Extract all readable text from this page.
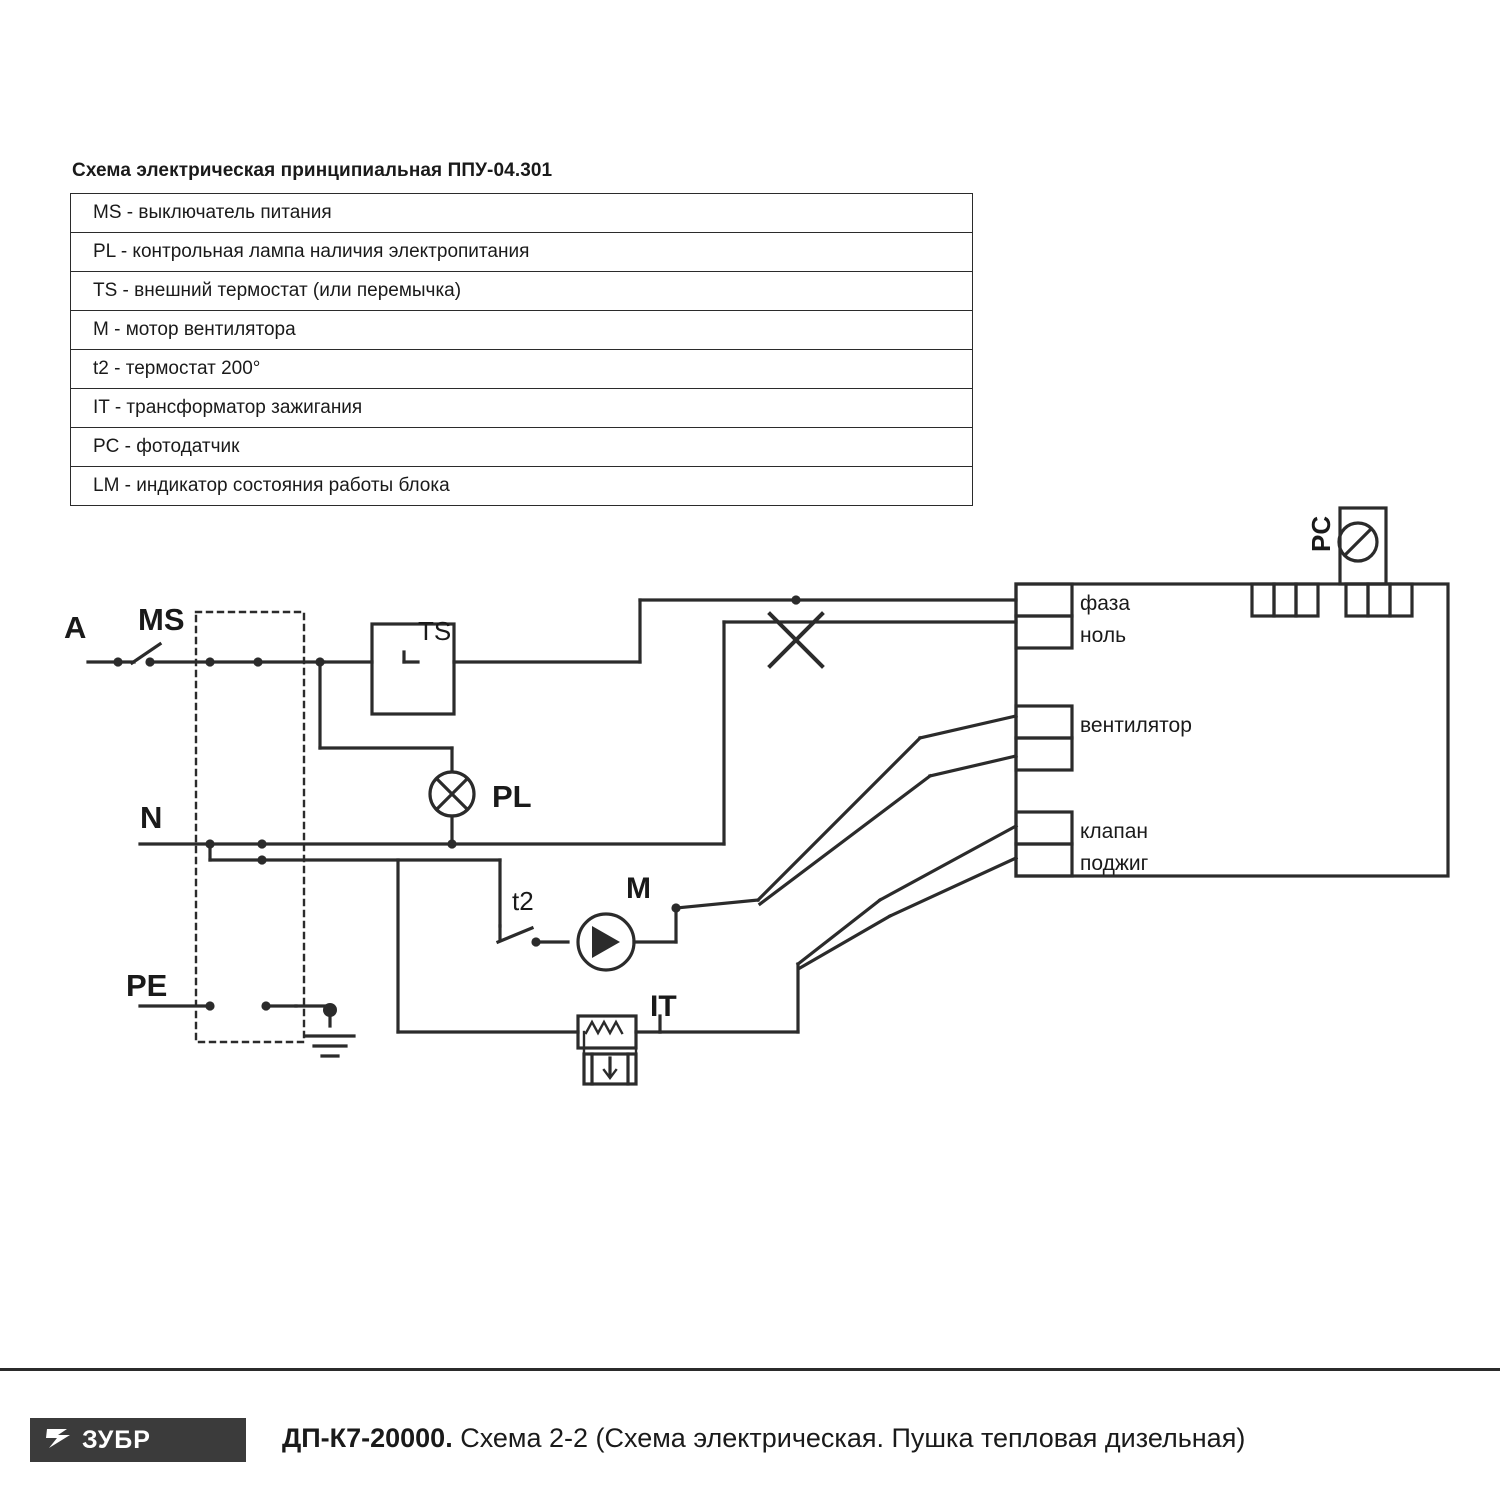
Схема электрическая принципиальная ППУ-04.301
MS - выключатель питания
PL - контрольная лампа наличия электропитания
TS - внешний термостат (или перемычка)
M - мотор вентилятора
t2 - термостат 200°
IT - трансформатор зажигания
PC - фотодатчик
LM - индикатор состояния работы блока
A MS	TS
PL
N
PE
t2	M
IT
PC
фаза
ноль
вентилятор
клапан
поджиг
ЗУБР	ДП-К7-20000. Схема 2-2 (Схема электрическая. Пушка тепловая дизельная)
